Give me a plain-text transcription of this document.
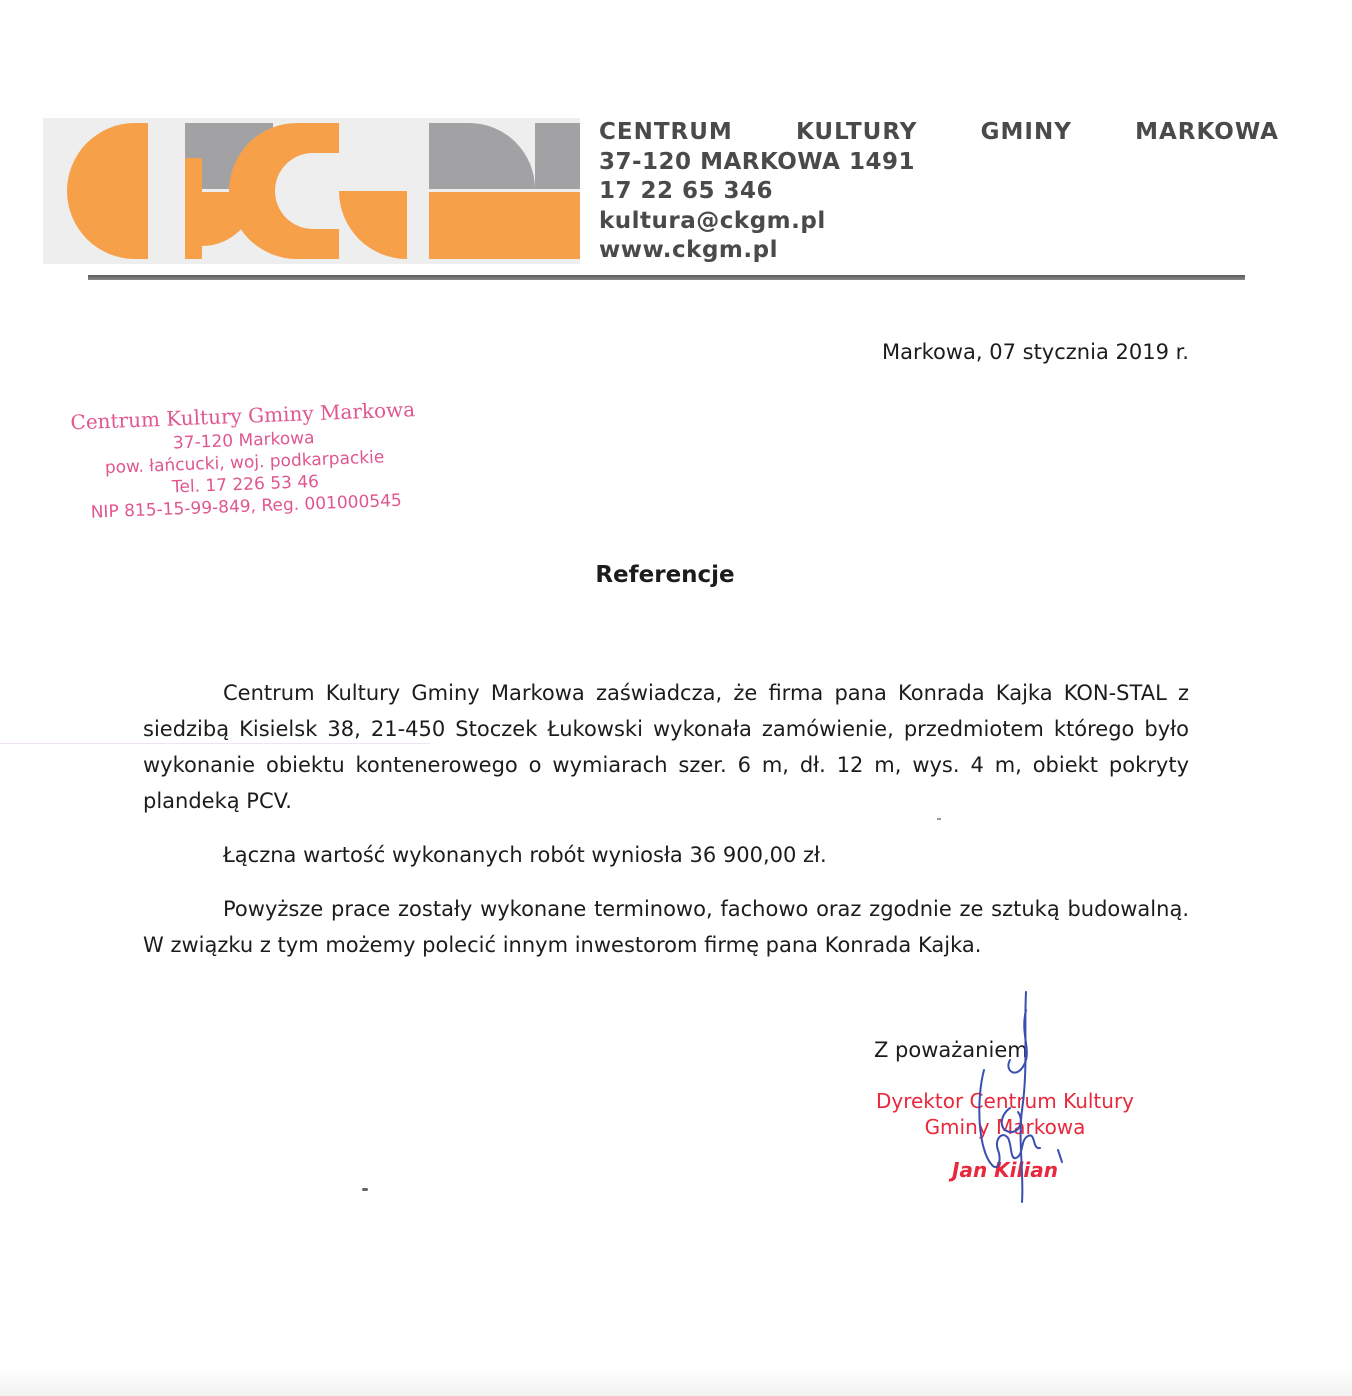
CENTRUM	KULTURY	GMINY	MARKOWA
37-120 MARKOWA 1491
17 22 65 346
kultura@ckgm.pl
www.ckgm.pl
Markowa, 07 stycznia 2019 r.
Centrum Kultury Gminy Markowa
37-120 Markowa
pow. łańcucki, woj. podkarpackie
Tel. 17 226 53 46
NIP 815-15-99-849, Reg. 001000545
Referencje

Centrum Kultury Gminy Markowa zaświadcza, że firma pana Konrada Kajka KON-STAL z siedzibą Kisielsk 38, 21-450 Stoczek Łukowski wykonała zamówienie, przedmiotem którego było wykonanie obiektu kontenerowego o wymiarach szer. 6 m, dł. 12 m, wys. 4 m, obiekt pokryty plandeką PCV.

Łączna wartość wykonanych robót wyniosła 36 900,00 zł.

Powyższe prace zostały wykonane terminowo, fachowo oraz zgodnie ze sztuką budowalną. W związku z tym możemy polecić innym inwestorom firmę pana Konrada Kajka.

Z poważaniem
Dyrektor Centrum Kultury
Gminy Markowa
Jan Kilian
